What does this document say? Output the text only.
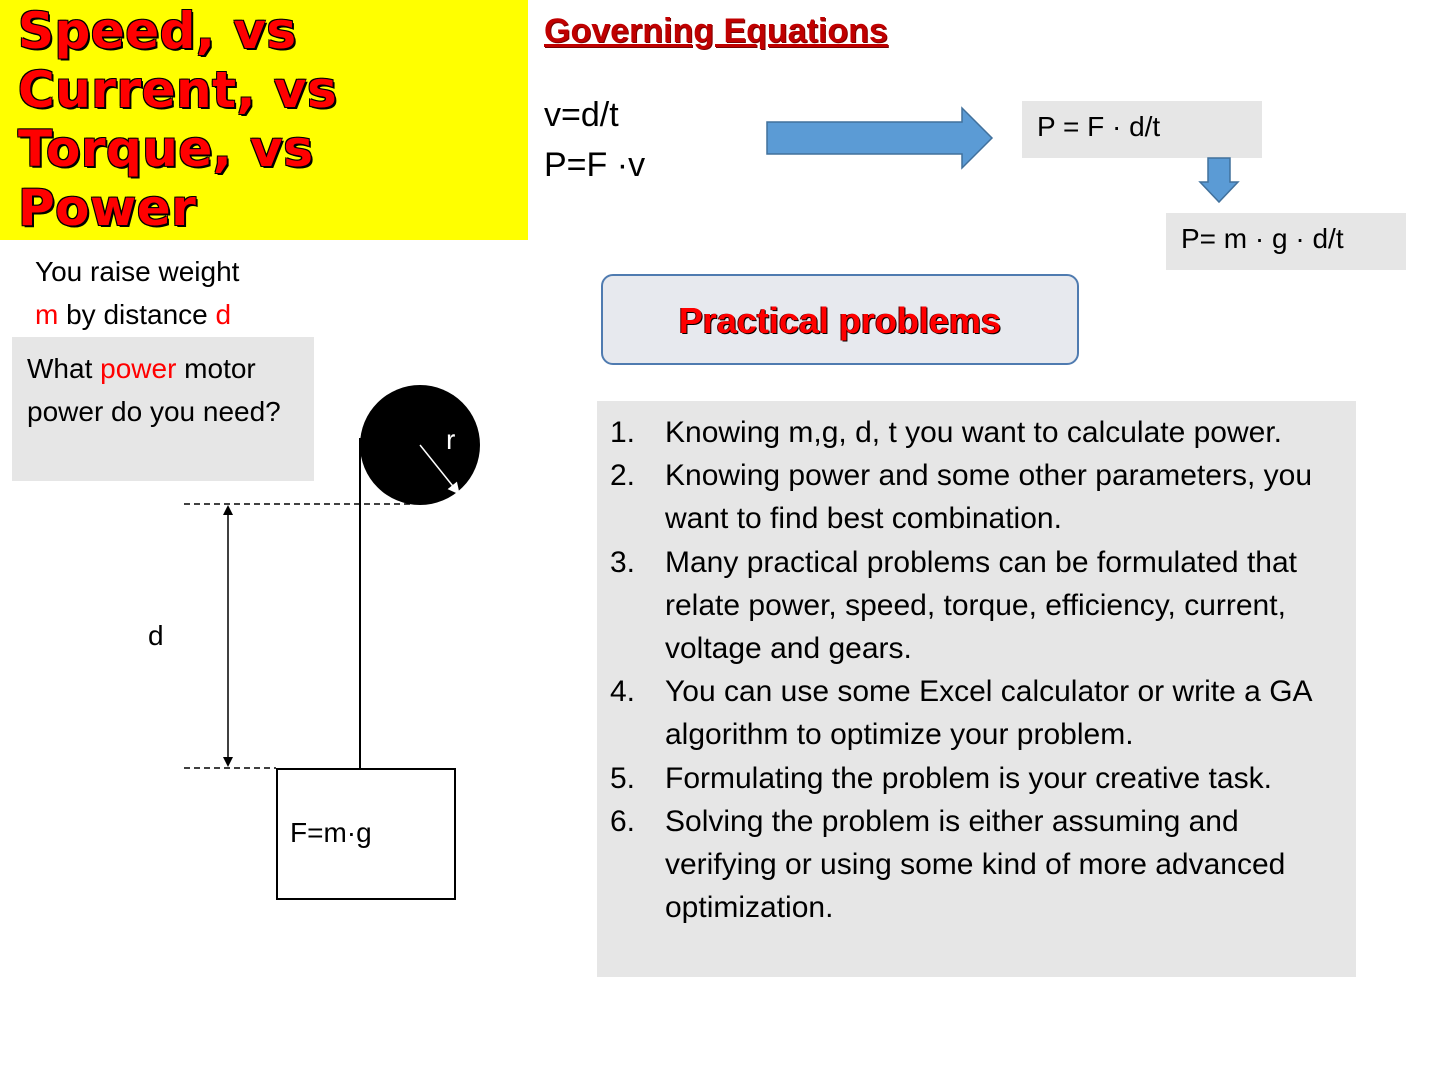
Speed, vs
Current, vs
Torque, vs
Power
Governing Equations
v=d/t
P=F ·v
P = F · d/t
P= m · g · d/t
You raise weight
m by distance d
What power motor power do you need?
r
d
F=m·g
Practical problems
1. Knowing m,g, d, t you want to calculate power.
2. Knowing power and some other parameters, you want to find best combination.
3. Many practical problems can be formulated that relate power, speed, torque, efficiency, current, voltage and gears.
4. You can use some Excel calculator or write a GA algorithm to optimize your problem.
5. Formulating the problem is your creative task.
6. Solving the problem is either assuming and verifying or using some kind of more advanced optimization.
